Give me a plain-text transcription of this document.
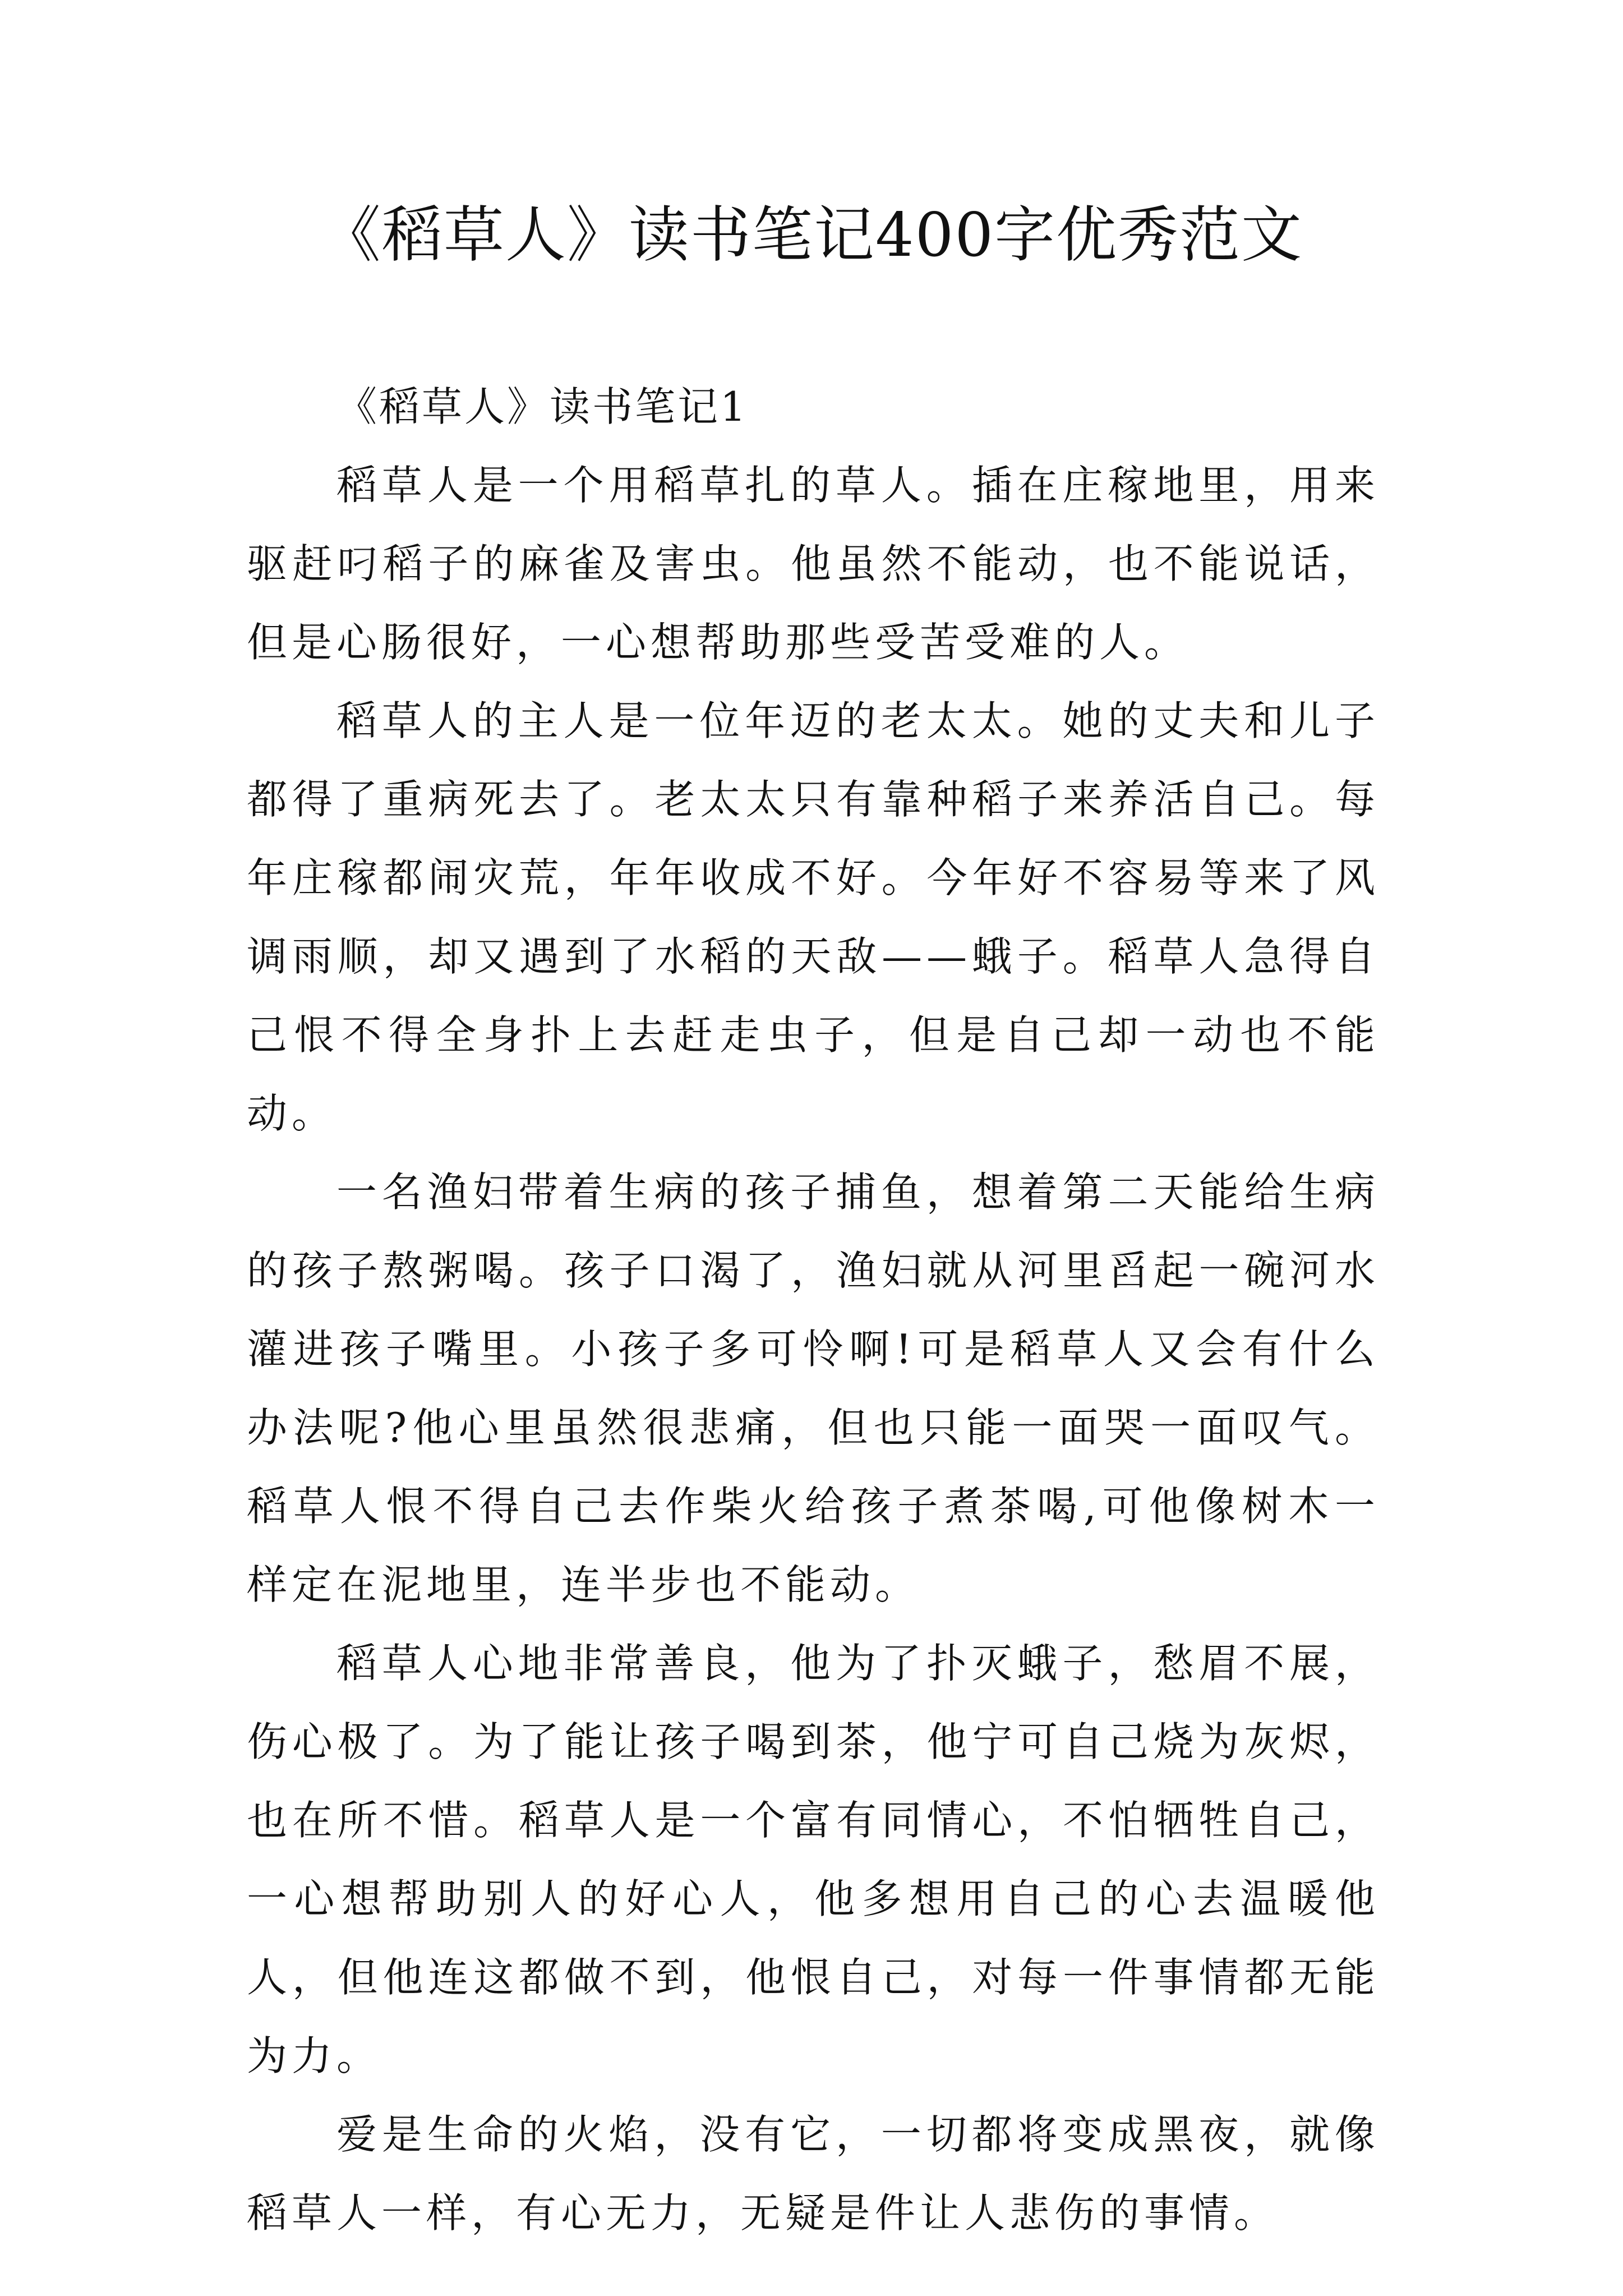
《稻草人》读书笔记400字优秀范文

《稻草人》读书笔记1

稻草人是一个用稻草扎的草人。插在庄稼地里，用来驱赶叼稻子的麻雀及害虫。他虽然不能动，也不能说话，但是心肠很好，一心想帮助那些受苦受难的人。

稻草人的主人是一位年迈的老太太。她的丈夫和儿子都得了重病死去了。老太太只有靠种稻子来养活自己。每年庄稼都闹灾荒，年年收成不好。今年好不容易等来了风调雨顺，却又遇到了水稻的天敌——蛾子。稻草人急得自己恨不得全身扑上去赶走虫子，但是自己却一动也不能动。

一名渔妇带着生病的孩子捕鱼，想着第二天能给生病的孩子熬粥喝。孩子口渴了，渔妇就从河里舀起一碗河水灌进孩子嘴里。小孩子多可怜啊!可是稻草人又会有什么办法呢?他心里虽然很悲痛，但也只能一面哭一面叹气。稻草人恨不得自己去作柴火给孩子煮茶喝,可他像树木一样定在泥地里，连半步也不能动。

稻草人心地非常善良，他为了扑灭蛾子，愁眉不展，伤心极了。为了能让孩子喝到茶，他宁可自己烧为灰烬，也在所不惜。稻草人是一个富有同情心，不怕牺牲自己，一心想帮助别人的好心人，他多想用自己的心去温暖他人，但他连这都做不到，他恨自己，对每一件事情都无能为力。

爱是生命的火焰，没有它，一切都将变成黑夜，就像稻草人一样，有心无力，无疑是件让人悲伤的事情。
